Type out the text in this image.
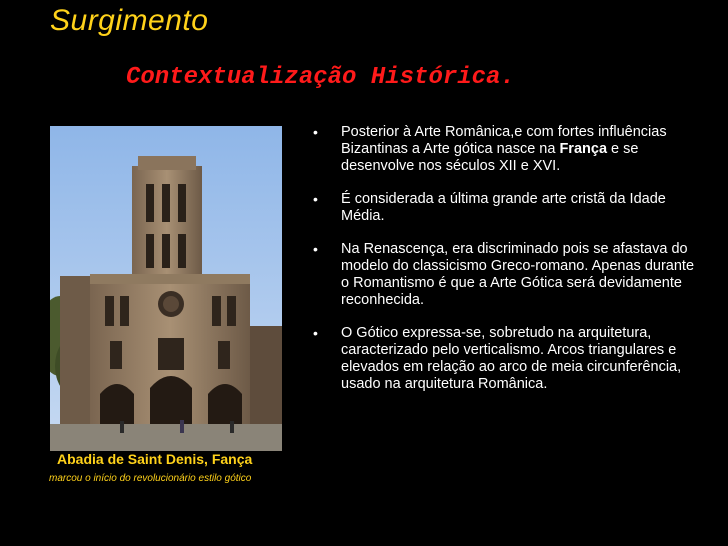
Surgimento
Contextualização Histórica.
Abadia de Saint Denis, Fança
marcou o início do revolucionário estilo gótico
• Posterior à Arte Românica,e com fortes influências Bizantinas a Arte gótica nasce na França e se desenvolve nos séculos XII e XVI.
• É considerada a última grande arte cristã da Idade Média.
• Na Renascença, era discriminado pois se afastava do modelo do classicismo Greco-romano. Apenas durante o Romantismo é que a Arte Gótica será devidamente reconhecida.
• O Gótico expressa-se, sobretudo na arquitetura, caracterizado pelo verticalismo. Arcos triangulares e elevados em relação ao arco de meia circunferência, usado na arquitetura Românica.
